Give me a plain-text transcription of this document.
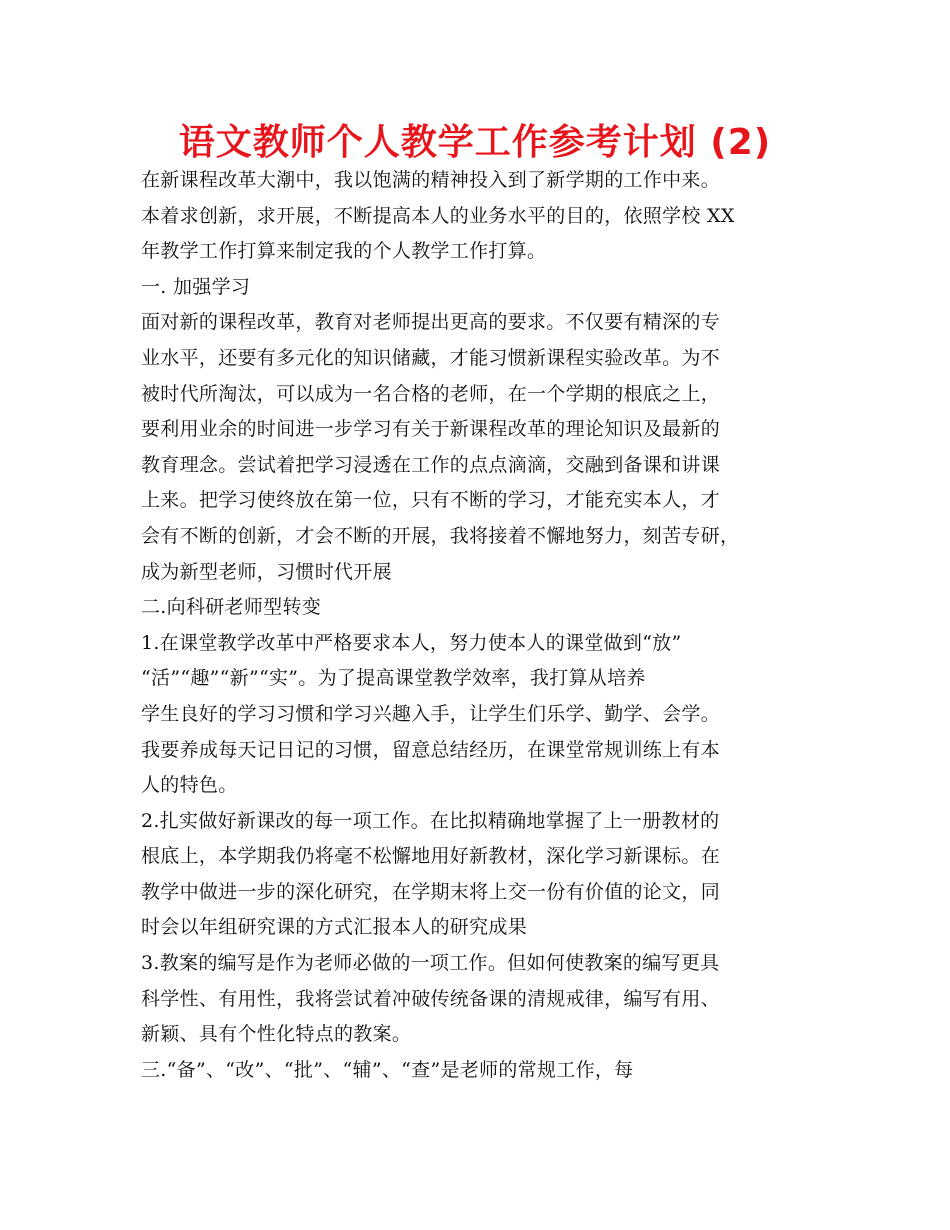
语文教师个人教学工作参考计划 (2)
在新课程改革大潮中，我以饱满的精神投入到了新学期的工作中来。
本着求创新，求开展，不断提高本人的业务水平的目的，依照学校 XX
年教学工作打算来制定我的个人教学工作打算。
一. 加强学习
面对新的课程改革，教育对老师提出更高的要求。不仅要有精深的专
业水平，还要有多元化的知识储藏，才能习惯新课程实验改革。为不
被时代所淘汰，可以成为一名合格的老师，在一个学期的根底之上，
要利用业余的时间进一步学习有关于新课程改革的理论知识及最新的
教育理念。尝试着把学习浸透在工作的点点滴滴，交融到备课和讲课
上来。把学习使终放在第一位，只有不断的学习，才能充实本人，才
会有不断的创新，才会不断的开展，我将接着不懈地努力，刻苦专研，
成为新型老师，习惯时代开展
二.向科研老师型转变
1.在课堂教学改革中严格要求本人，努力使本人的课堂做到“放”
“活”“趣”“新”“实”。为了提高课堂教学效率，我打算从培养
学生良好的学习习惯和学习兴趣入手，让学生们乐学、勤学、会学。
我要养成每天记日记的习惯，留意总结经历，在课堂常规训练上有本
人的特色。
2.扎实做好新课改的每一项工作。在比拟精确地掌握了上一册教材的
根底上，本学期我仍将毫不松懈地用好新教材，深化学习新课标。在
教学中做进一步的深化研究，在学期末将上交一份有价值的论文，同
时会以年组研究课的方式汇报本人的研究成果
3.教案的编写是作为老师必做的一项工作。但如何使教案的编写更具
科学性、有用性，我将尝试着冲破传统备课的清规戒律，编写有用、
新颖、具有个性化特点的教案。
三.“备”、“改”、“批”、“辅”、“查”是老师的常规工作，每
